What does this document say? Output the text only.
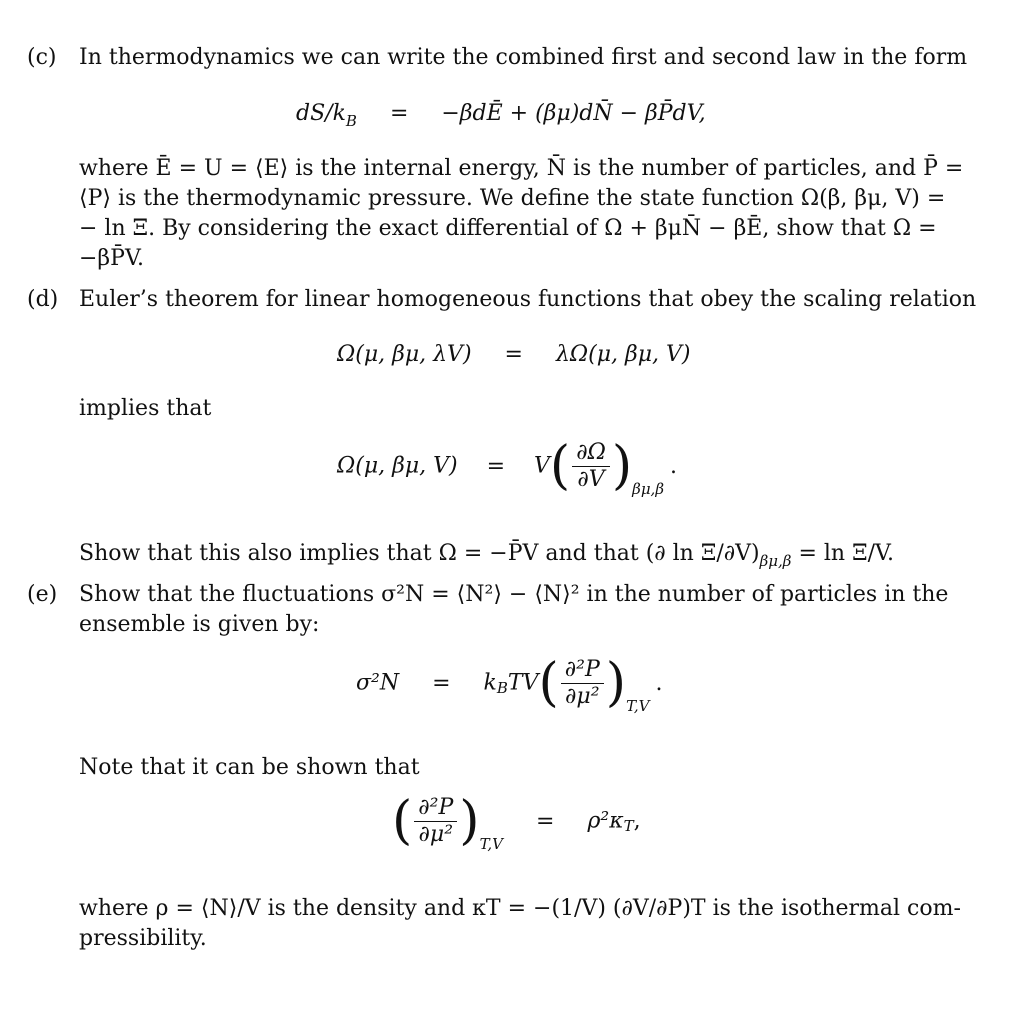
(c) In thermodynamics we can write the combined first and second law in the form
$dS/k_B$ = −βdĒ + (βμ)dN̄ − βP̄dV,
where Ē = U = ⟨E⟩ is the internal energy, N̄ is the number of particles, and P̄ =
⟨P⟩ is the thermodynamic pressure. We define the state function Ω(β, βμ, V) =
− ln Ξ. By considering the exact differential of Ω + βμN̄ − βĒ, show that Ω =
−βP̄V.
(d) Euler’s theorem for linear homogeneous functions that obey the scaling relation
Ω(μ, βμ, λV) = λΩ(μ, βμ, V)
implies that
Ω(μ, βμ, $V) = V( \frac{\partial\Omega}{\partial V} )_{\beta\mu,\beta}$.
Show that this also implies that Ω = −P̄V and that (∂ $\ln \Xi/\partial V)_{\beta\mu,\beta} = \ln \Xi/V$.
(e) Show that the fluctuations σ²N = ⟨N²⟩ − ⟨N⟩² in the number of particles in the
ensemble is given by:
$\sigma^2N = k_BTV( \frac{\text{∂²P}}{\text{∂μ²}} )_{T,V}$.
Note that it can be shown that
( $\frac{\text{∂²P}}{\text{∂μ²}} )_{T,V} = \rho^2\kappa_T$,
where ρ = ⟨N⟩/V is the density and κT = −(1/V) (∂V/∂P)T is the isothermal com-
pressibility.
